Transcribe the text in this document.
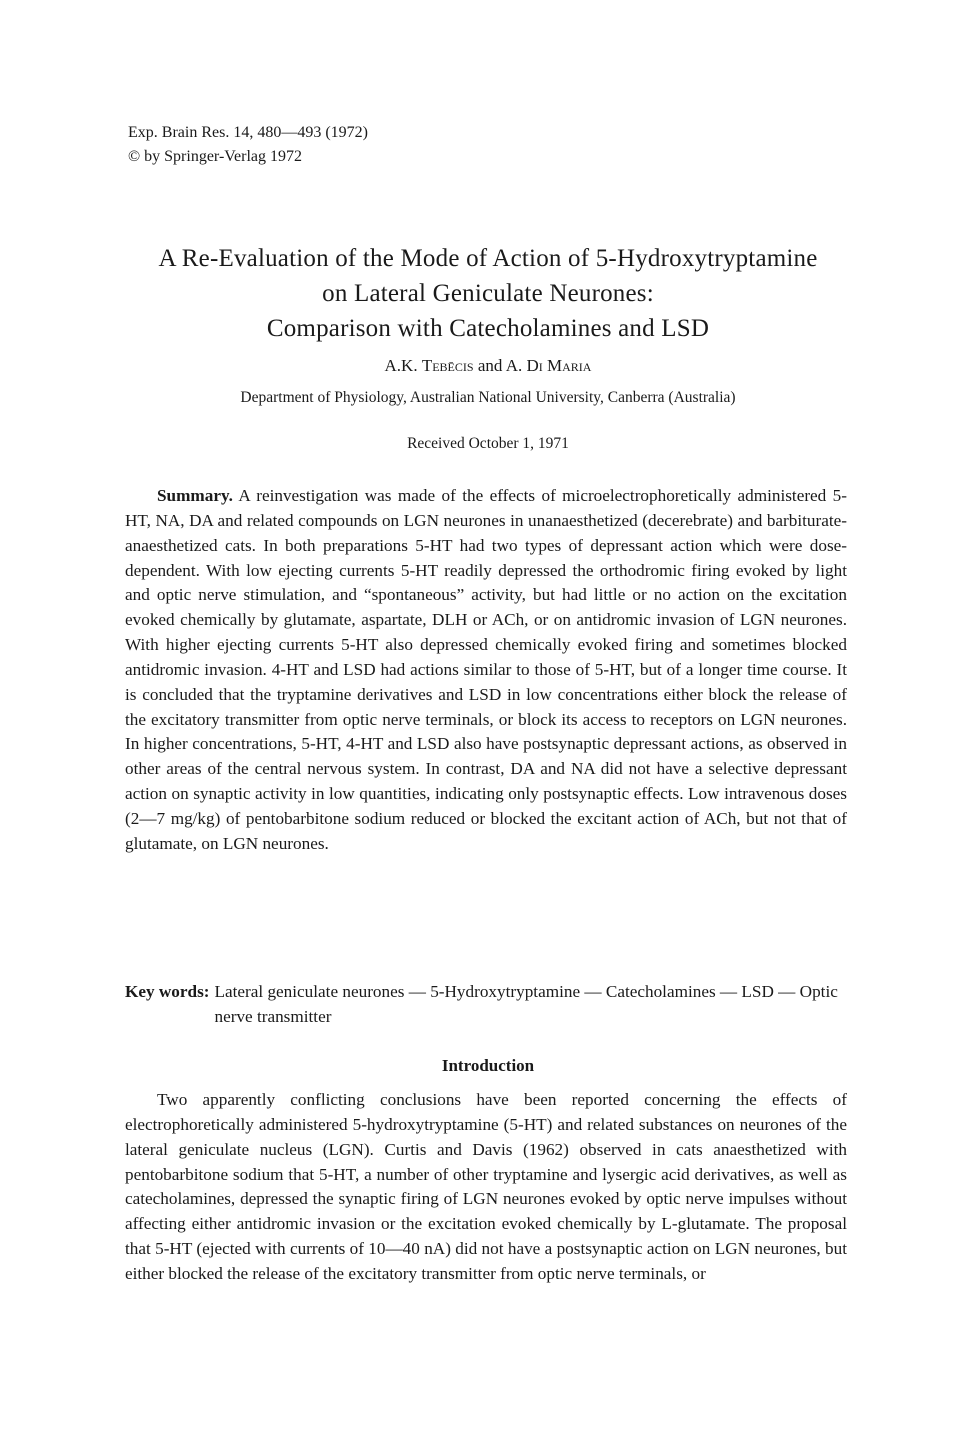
Exp. Brain Res. 14, 480—493 (1972)
© by Springer-Verlag 1972
A Re-Evaluation of the Mode of Action of 5-Hydroxytryptamine
on Lateral Geniculate Neurones:
Comparison with Catecholamines and LSD
A.K. Tebēcis and A. Di Maria
Department of Physiology, Australian National University, Canberra (Australia)
Received October 1, 1971

Summary. A reinvestigation was made of the effects of microelectrophoretically administered 5-HT, NA, DA and related compounds on LGN neurones in unanaesthetized (decerebrate) and barbiturate-anaesthetized cats. In both preparations 5-HT had two types of depressant action which were dose-dependent. With low ejecting currents 5-HT readily depressed the orthodromic firing evoked by light and optic nerve stimulation, and “spontaneous” activity, but had little or no action on the excitation evoked chemically by glutamate, aspartate, DLH or ACh, or on antidromic invasion of LGN neurones. With higher ejecting currents 5-HT also depressed chemically evoked firing and sometimes blocked antidromic invasion. 4-HT and LSD had actions similar to those of 5-HT, but of a longer time course. It is concluded that the tryptamine derivatives and LSD in low concentrations either block the release of the excitatory transmitter from optic nerve terminals, or block its access to receptors on LGN neurones. In higher concentrations, 5-HT, 4-HT and LSD also have postsynaptic depressant actions, as observed in other areas of the central nervous system. In contrast, DA and NA did not have a selective depressant action on synaptic activity in low quantities, indicating only postsynaptic effects. Low intravenous doses (2—7 mg/kg) of pentobarbitone sodium reduced or blocked the excitant action of ACh, but not that of glutamate, on LGN neurones.

Key words: Lateral geniculate neurones — 5-Hydroxytryptamine — Catecholamines — LSD — Optic nerve transmitter
Introduction

Two apparently conflicting conclusions have been reported concerning the effects of electrophoretically administered 5-hydroxytryptamine (5-HT) and related substances on neurones of the lateral geniculate nucleus (LGN). Curtis and Davis (1962) observed in cats anaesthetized with pentobarbitone sodium that 5-HT, a number of other tryptamine and lysergic acid derivatives, as well as catecholamines, depressed the synaptic firing of LGN neurones evoked by optic nerve impulses without affecting either antidromic invasion or the excitation evoked chemically by L-glutamate. The proposal that 5-HT (ejected with currents of 10—40 nA) did not have a postsynaptic action on LGN neurones, but either blocked the release of the excitatory transmitter from optic nerve terminals, or
